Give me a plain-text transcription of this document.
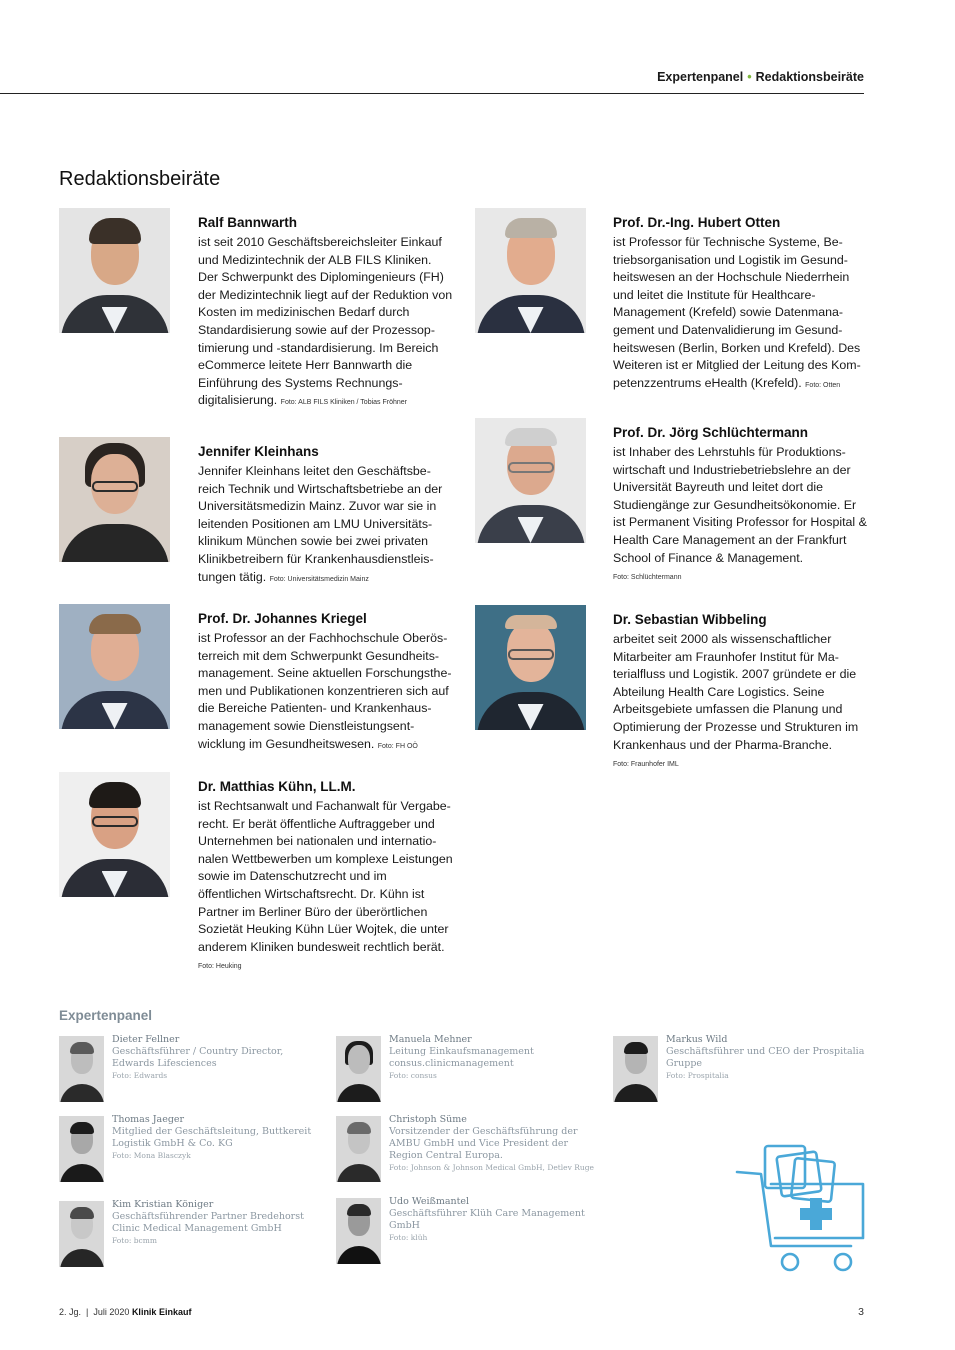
Expertenpanel • Redaktionsbeiräte
Redaktionsbeiräte
Ralf Bannwarth
ist seit 2010 Geschäftsbereichsleiter Einkauf und Medizintechnik der ALB FILS Kliniken. Der Schwerpunkt des Diplomingenieurs (FH) der Medizintechnik liegt auf der Reduktion von Kosten im medizinischen Bedarf durch Standardisierung sowie auf der Prozessoptimierung und -standardisierung. Im Bereich eCommerce leitete Herr Bannwarth die Einführung des Systems Rechnungsdigitalisierung. Foto: ALB FILS Kliniken / Tobias Fröhner
Jennifer Kleinhans
Jennifer Kleinhans leitet den Geschäftsbereich Technik und Wirtschaftsbetriebe an der Universitätsmedizin Mainz. Zuvor war sie in leitenden Positionen am LMU Universitätsklinikum München sowie bei zwei privaten Klinikbetreibern für Krankenhausdienstleistungen tätig. Foto: Universitätsmedizin Mainz
Prof. Dr. Johannes Kriegel
ist Professor an der Fachhochschule Oberösterreich mit dem Schwerpunkt Gesundheitsmanagement. Seine aktuellen Forschungsthemen und Publikationen konzentrieren sich auf die Bereiche Patienten- und Krankenhausmanagement sowie Dienstleistungsentwicklung im Gesundheitswesen. Foto: FH OÖ
Dr. Matthias Kühn, LL.M.
ist Rechtsanwalt und Fachanwalt für Vergaberecht. Er berät öffentliche Auftraggeber und Unternehmen bei nationalen und internationalen Wettbewerben um komplexe Leistungen sowie im Datenschutzrecht und im öffentlichen Wirtschaftsrecht. Dr. Kühn ist Partner im Berliner Büro der überörtlichen Sozietät Heuking Kühn Lüer Wojtek, die unter anderem Kliniken bundesweit rechtlich berät. Foto: Heuking
Prof. Dr.-Ing. Hubert Otten
ist Professor für Technische Systeme, Betriebsorganisation und Logistik im Gesundheitswesen an der Hochschule Niederrhein und leitet die Institute für Healthcare-Management (Krefeld) sowie Datenmanagement und Datenvalidierung im Gesundheitswesen (Berlin, Borken und Krefeld). Des Weiteren ist er Mitglied der Leitung des Kompetenzzentrums eHealth (Krefeld). Foto: Otten
Prof. Dr. Jörg Schlüchtermann
ist Inhaber des Lehrstuhls für Produktionswirtschaft und Industriebetriebslehre an der Universität Bayreuth und leitet dort die Studiengänge zur Gesundheitsökonomie. Er ist Permanent Visiting Professor for Hospital & Health Care Management an der Frankfurt School of Finance & Management.
Foto: Schlüchtermann
Dr. Sebastian Wibbeling
arbeitet seit 2000 als wissenschaftlicher Mitarbeiter am Fraunhofer Institut für Materialfluss und Logistik. 2007 gründete er die Abteilung Health Care Logistics. Seine Arbeitsgebiete umfassen die Planung und Optimierung der Prozesse und Strukturen im Krankenhaus und der Pharma-Branche.
Foto: Fraunhofer IML
Expertenpanel
Dieter Fellner
Geschäftsführer / Country Director, Edwards Lifesciences
Foto: Edwards
Thomas Jaeger
Mitglied der Geschäftsleitung, Buttkereit Logistik GmbH & Co. KG
Foto: Mona Blasczyk
Kim Kristian Königer
Geschäftsführender Partner Bredehorst Clinic Medical Management GmbH
Foto: bcmm
Manuela Mehner
Leitung Einkaufsmanagement consus.clinicmanagement
Foto: consus
Christoph Süme
Vorsitzender der Geschäftsführung der AMBU GmbH und Vice President der Region Central Europa.
Foto: Johnson & Johnson Medical GmbH, Detlev Ruge
Udo Weißmantel
Geschäftsführer Klüh Care Management GmbH
Foto: klüh
Markus Wild
Geschäftsführer und CEO der Prospitalia Gruppe
Foto: Prospitalia
2. Jg. | Juli 2020 Klinik Einkauf	3
